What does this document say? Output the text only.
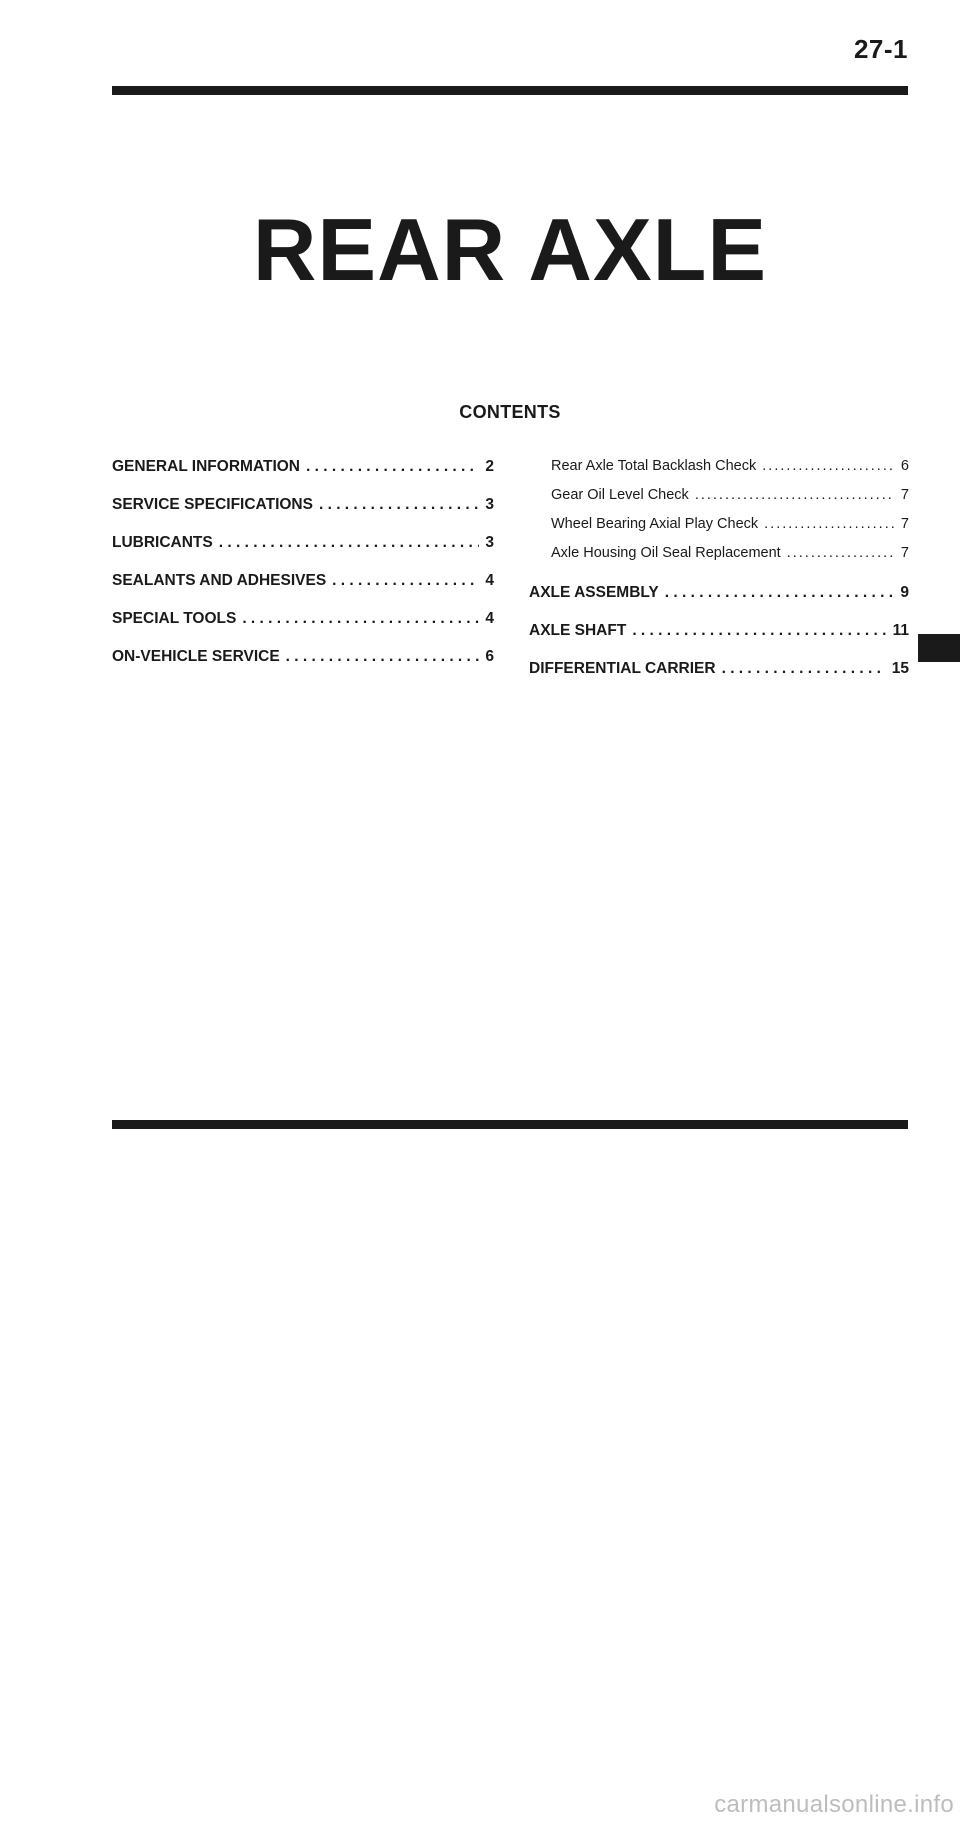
27-1
REAR AXLE
CONTENTS
GENERAL INFORMATION . . .	2
SERVICE SPECIFICATIONS . . .	3
LUBRICANTS . . .	3
SEALANTS AND ADHESIVES . . .	4
SPECIAL TOOLS . . .	4
ON-VEHICLE SERVICE . . .	6
Rear Axle Total Backlash Check .....	6
Gear Oil Level Check .....	7
Wheel Bearing Axial Play Check .....	7
Axle Housing Oil Seal Replacement .....	7
AXLE ASSEMBLY . . .	9
AXLE SHAFT . . .	11
DIFFERENTIAL CARRIER . . .	15
carmanualsonline.info
